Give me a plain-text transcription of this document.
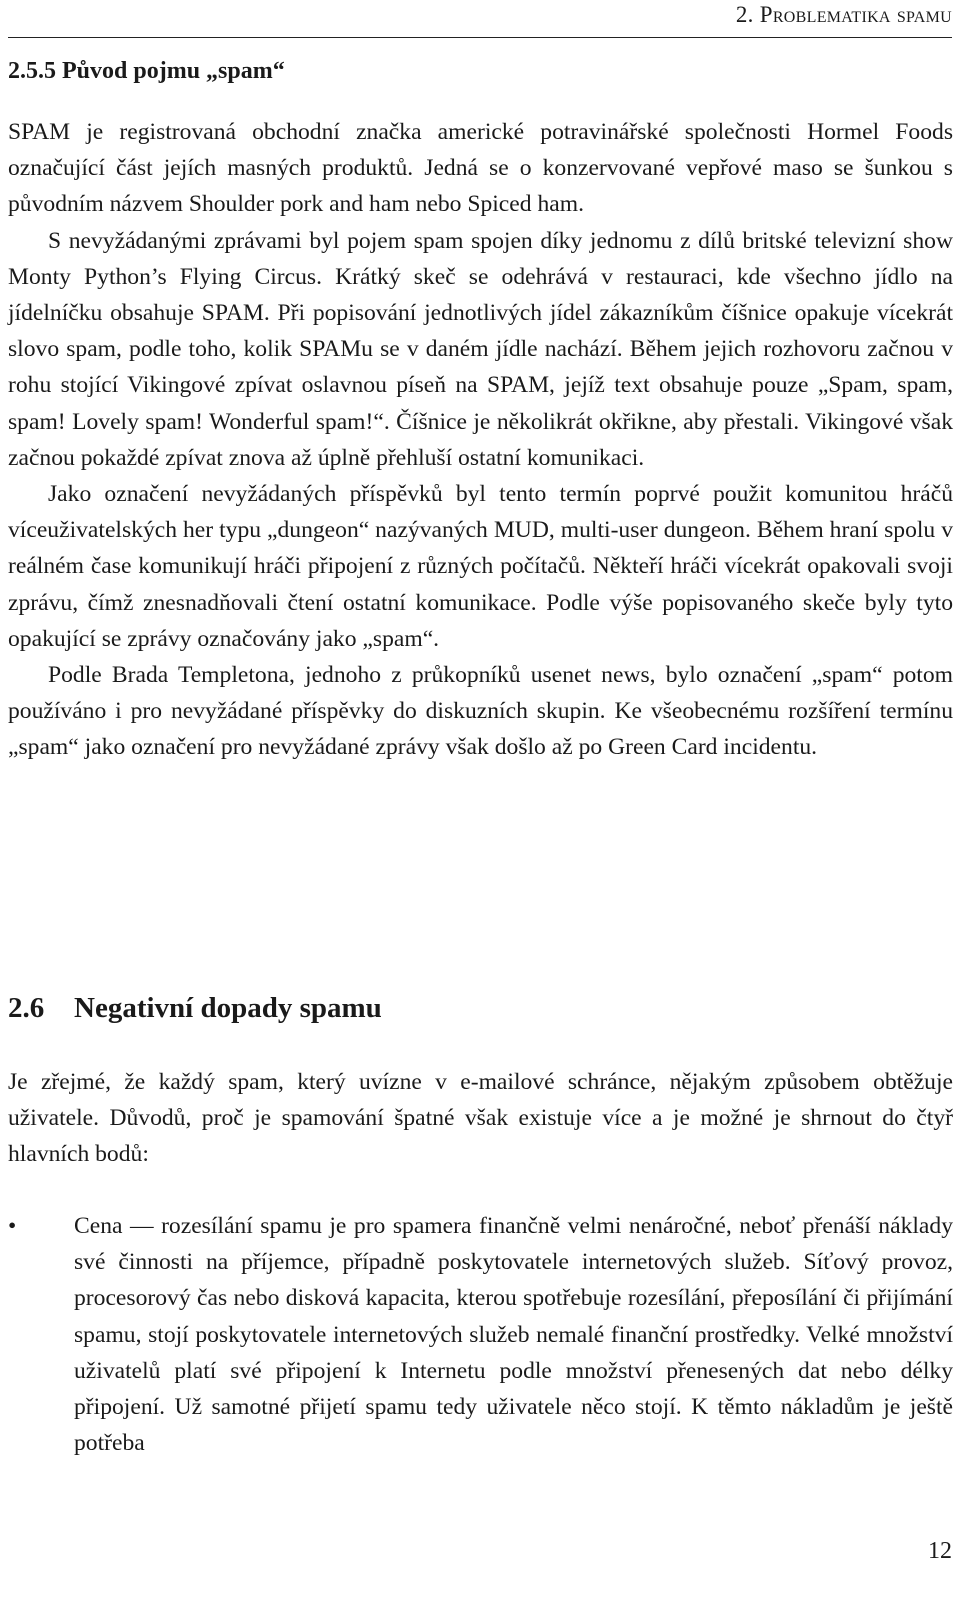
2. Problematika spamu
2.5.5 Původ pojmu „spam“

SPAM je registrovaná obchodní značka americké potravinářské společnosti Hormel Foods označující část jejích masných produktů. Jedná se o konzervované vepřové maso se šunkou s původním názvem Shoulder pork and ham nebo Spiced ham.

S nevyžádanými zprávami byl pojem spam spojen díky jednomu z dílů britské televizní show Monty Python’s Flying Circus. Krátký skeč se odehrává v restauraci, kde všechno jídlo na jídelníčku obsahuje SPAM. Při popisování jednotlivých jídel zákazníkům číšnice opakuje vícekrát slovo spam, podle toho, kolik SPAMu se v daném jídle nachází. Během jejich rozhovoru začnou v rohu stojící Vikingové zpívat oslavnou píseň na SPAM, jejíž text obsahuje pouze „Spam, spam, spam! Lovely spam! Wonderful spam!“. Číšnice je několikrát okřikne, aby přestali. Vikingové však začnou pokaždé zpívat znova až úplně přehluší ostatní komunikaci.

Jako označení nevyžádaných příspěvků byl tento termín poprvé použit komunitou hráčů víceuživatelských her typu „dungeon“ nazývaných MUD, multi-user dungeon. Během hraní spolu v reálném čase komunikují hráči připojení z různých počítačů. Někteří hráči vícekrát opakovali svoji zprávu, čímž znesnadňovali čtení ostatní komunikace. Podle výše popisovaného skeče byly tyto opakující se zprávy označovány jako „spam“.

Podle Brada Templetona, jednoho z průkopníků usenet news, bylo označení „spam“ potom používáno i pro nevyžádané příspěvky do diskuzních skupin. Ke všeobecnému rozšíření termínu „spam“ jako označení pro nevyžádané zprávy však došlo až po Green Card incidentu.

2.6 Negativní dopady spamu

Je zřejmé, že každý spam, který uvízne v e-mailové schránce, nějakým způsobem obtěžuje uživatele. Důvodů, proč je spamování špatné však existuje více a je možné je shrnout do čtyř hlavních bodů:

•	Cena — rozesílání spamu je pro spamera finančně velmi nenáročné, neboť přenáší náklady své činnosti na příjemce, případně poskytovatele internetových služeb. Síťový provoz, procesorový čas nebo disková kapacita, kterou spotřebuje rozesílání, přeposílání či přijímání spamu, stojí poskytovatele internetových služeb nemalé finanční prostředky. Velké množství uživatelů platí své připojení k Internetu podle množství přenesených dat nebo délky připojení. Už samotné přijetí spamu tedy uživatele něco stojí. K těmto nákladům je ještě potřeba
12
